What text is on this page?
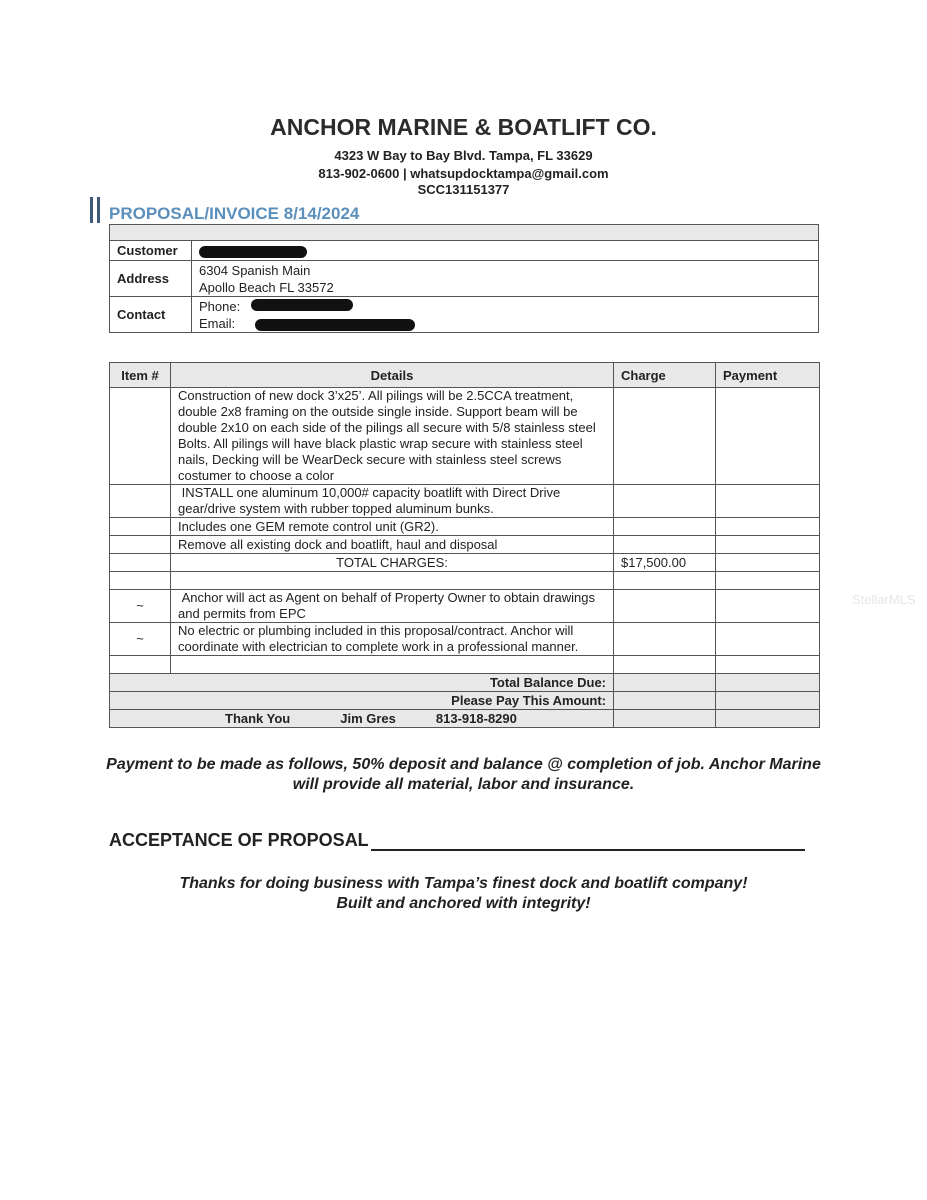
ANCHOR MARINE & BOATLIFT CO.
4323 W Bay to Bay Blvd. Tampa, FL 33629
813-902-0600 | whatsupdocktampa@gmail.com
SCC131151377
PROPOSAL/INVOICE 8/14/2024

Customer	
Address	6304 Spanish Main
Apollo Beach FL 33572

Contact	Phone:
Email:
Item #	Details	Charge	Payment
	Construction of new dock 3’x25’. All pilings will be 2.5CCA treatment, double 2x8 framing on the outside single inside. Support beam will be double 2x10 on each side of the pilings all secure with 5/8 stainless steel Bolts. All pilings will have black plastic wrap secure with stainless steel nails, Decking will be WearDeck secure with stainless steel screws costumer to choose a color		
	INSTALL one aluminum 10,000# capacity boatlift with Direct Drive gear/drive system with rubber topped aluminum bunks.		
	Includes one GEM remote control unit (GR2).		
	Remove all existing dock and boatlift, haul and disposal		
	TOTAL CHARGES:	$17,500.00	

~	Anchor will act as Agent on behalf of Property Owner to obtain drawings and permits from EPC		
~	No electric or plumbing included in this proposal/contract. Anchor will coordinate with electrician to complete work in a professional manner.		

Total Balance Due:			
Please Pay This Amount:			
Thank You Jim Gres 813-918-8290			
Payment to be made as follows, 50% deposit and balance @ completion of job. Anchor Marine will provide all material, labor and insurance.
ACCEPTANCE OF PROPOSAL
Thanks for doing business with Tampa’s finest dock and boatlift company!
Built and anchored with integrity!
StellarMLS
